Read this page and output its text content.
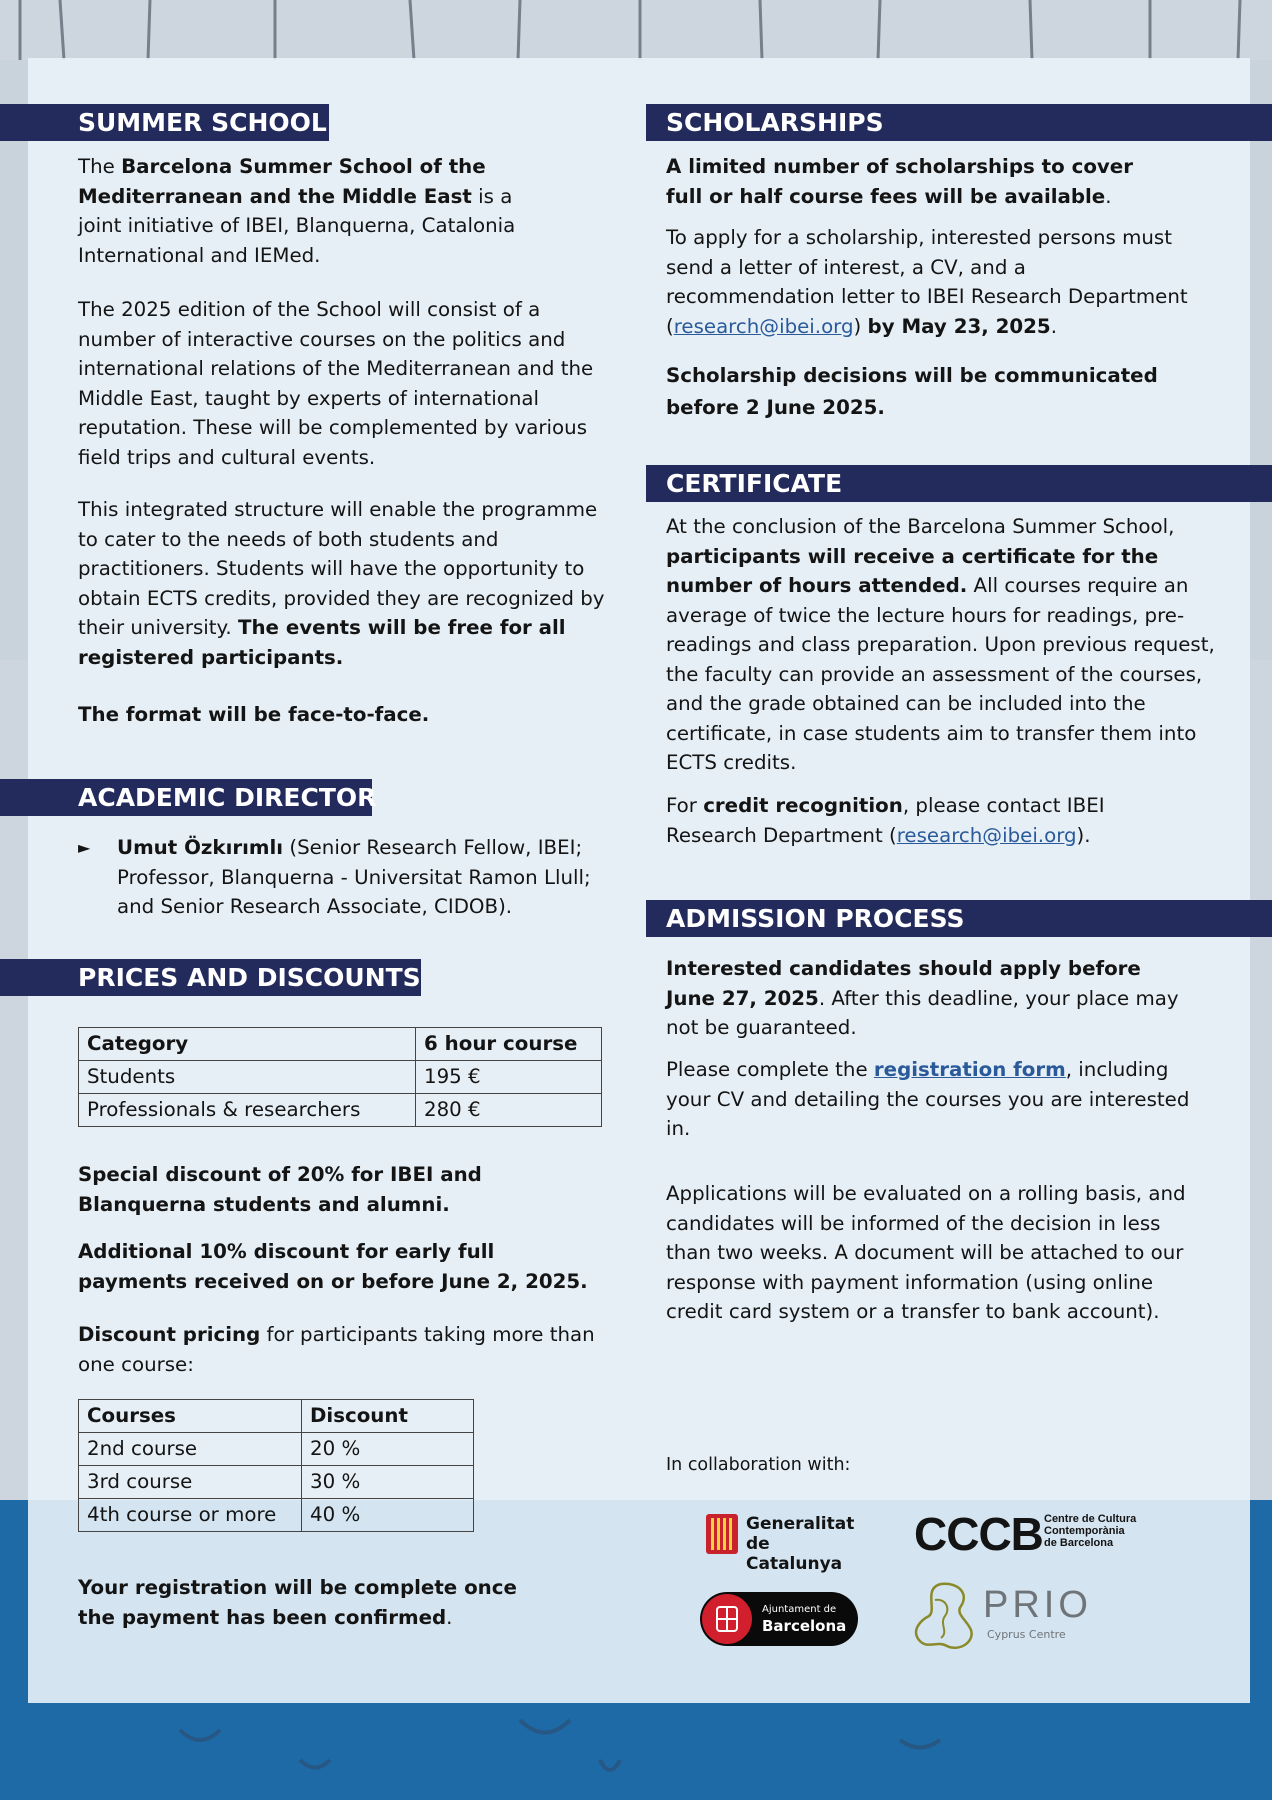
SUMMER SCHOOL

The Barcelona Summer School of the Mediterranean and the Middle East is a joint initiative of IBEI, Blanquerna, Catalonia International and IEMed.

The 2025 edition of the School will consist of a number of interactive courses on the politics and international relations of the Mediterranean and the Middle East, taught by experts of international reputation. These will be complemented by various field trips and cultural events.
This integrated structure will enable the programme to cater to the needs of both students and practitioners. Students will have the opportunity to obtain ECTS credits, provided they are recognized by their university. The events will be free for all registered participants.
The format will be face-to-face.
ACADEMIC DIRECTOR
► Umut Özkırımlı (Senior Research Fellow, IBEI; Professor, Blanquerna - Universitat Ramon Llull; and Senior Research Associate, CIDOB).
PRICES AND DISCOUNTS
Category	6 hour course
Students	195 €
Professionals & researchers	280 €
Special discount of 20% for IBEI and Blanquerna students and alumni.
Additional 10% discount for early full payments received on or before June 2, 2025.
Discount pricing for participants taking more than one course:
Courses	Discount
2nd course	20 %
3rd course	30 %
4th course or more	40 %
Your registration will be complete once the payment has been confirmed.
SCHOLARSHIPS
A limited number of scholarships to cover full or half course fees will be available.
To apply for a scholarship, interested persons must send a letter of interest, a CV, and a recommendation letter to IBEI Research Department (research@ibei.org) by May 23, 2025.
Scholarship decisions will be communicated before 2 June 2025.
CERTIFICATE
At the conclusion of the Barcelona Summer School, participants will receive a certificate for the number of hours attended. All courses require an average of twice the lecture hours for readings, pre-readings and class preparation. Upon previous request, the faculty can provide an assessment of the courses, and the grade obtained can be included into the certificate, in case students aim to transfer them into ECTS credits.
For credit recognition, please contact IBEI Research Department (research@ibei.org).
ADMISSION PROCESS
Interested candidates should apply before June 27, 2025. After this deadline, your place may not be guaranteed.
Please complete the registration form, including your CV and detailing the courses you are interested in.
Applications will be evaluated on a rolling basis, and candidates will be informed of the decision in less than two weeks. A document will be attached to our response with payment information (using online credit card system or a transfer to bank account).
In collaboration with:
Generalitat
de Catalunya
CCCB Centre de Cultura
Contemporània
de Barcelona
Ajuntament de
Barcelona	PRIO
Cyprus Centre
